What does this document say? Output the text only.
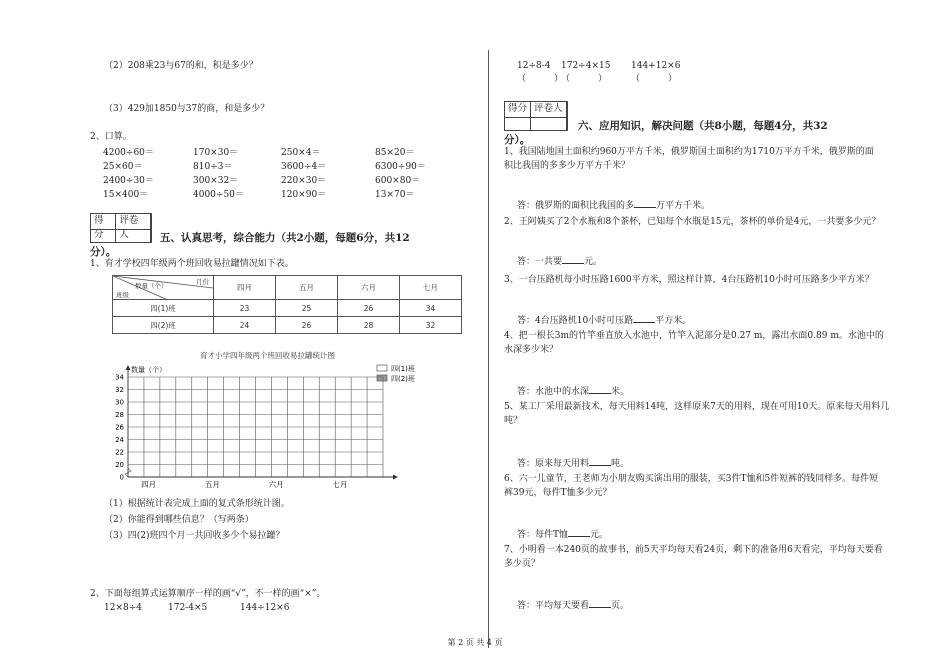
（2）208乘23与67的和，积是多少？
（3）429加1850与37的商，和是多少？
2、口算。
4200÷60＝	170×30＝	250×4＝	85×20＝
25×60＝	810÷3＝	3600÷4＝	6300÷90＝
2400÷30＝	300×32＝	220×30＝	600×80＝
15×400＝	4000÷50＝	120×90＝	13×70＝
得分
评卷人	五、认真思考，综合能力（共2小题，每题6分，共12
分）。
1、育才学校四年级两个班回收易拉罐情况如下表。
月份
数量（个）
班级	四月	五月	六月	七月
四(1)班	23	25	26	34
四(2)班	24	26	28	32
育才小学四年级两个班回收易拉罐统计图
四(1)班
四(2)班
数量（个）
0
20
22
24
26
28
30
32
34
四月	五月	六月	七月
（1）根据统计表完成上面的复式条形统计图。
（2）你能得到哪些信息？（写两条）
（3）四(2)班四个月一共回收多少个易拉罐？
2、下面每组算式运算顺序一样的画“√”，不一样的画“×”。
12×8÷4	172-4×5	144÷12×6
12÷8-4 172÷4×15 144+12×6
（	）
（	）	（	）
得分 评卷人
六、应用知识，解决问题（共8小题，每题4分，共32
分）。
1、我国陆地国土面积约960万平方千米，俄罗斯国土面积约为1710万平方千米，俄罗斯的面
积比我国的多多少万平方千米？
答：俄罗斯的面积比我国的多 万平方千米。
2、王阿姨买了2个水瓶和8个茶杯，已知每个水瓶是15元，茶杯的单价是4元，一共要多少元？
答：一共要 元。
3、一台压路机每小时压路1600平方米，照这样计算，4台压路机10小时可压路多少平方米？
答：4台压路机10小时可压路 平方米。
4、把一根长3m的竹竿垂直放入水池中，竹竿入泥部分是0.27 m，露出水面0.89 m。水池中的
水深多少米？
答：水池中的水深 米。
5、某工厂采用最新技术，每天用料14吨，这样原来7天的用料，现在可用10天。原来每天用料几
吨？
答：原来每天用料 吨。
6、六一儿童节，王老师为小朋友购买演出用的服装，买3件T恤和5件短裤的钱同样多。每件短
裤39元，每件T恤多少元？
答：每件T恤 元。
7、小明看一本240页的故事书，前5天平均每天看24页，剩下的准备用6天看完，平均每天要看
多少页？
答：平均每天要看 页。
第 2 页 共 4 页
